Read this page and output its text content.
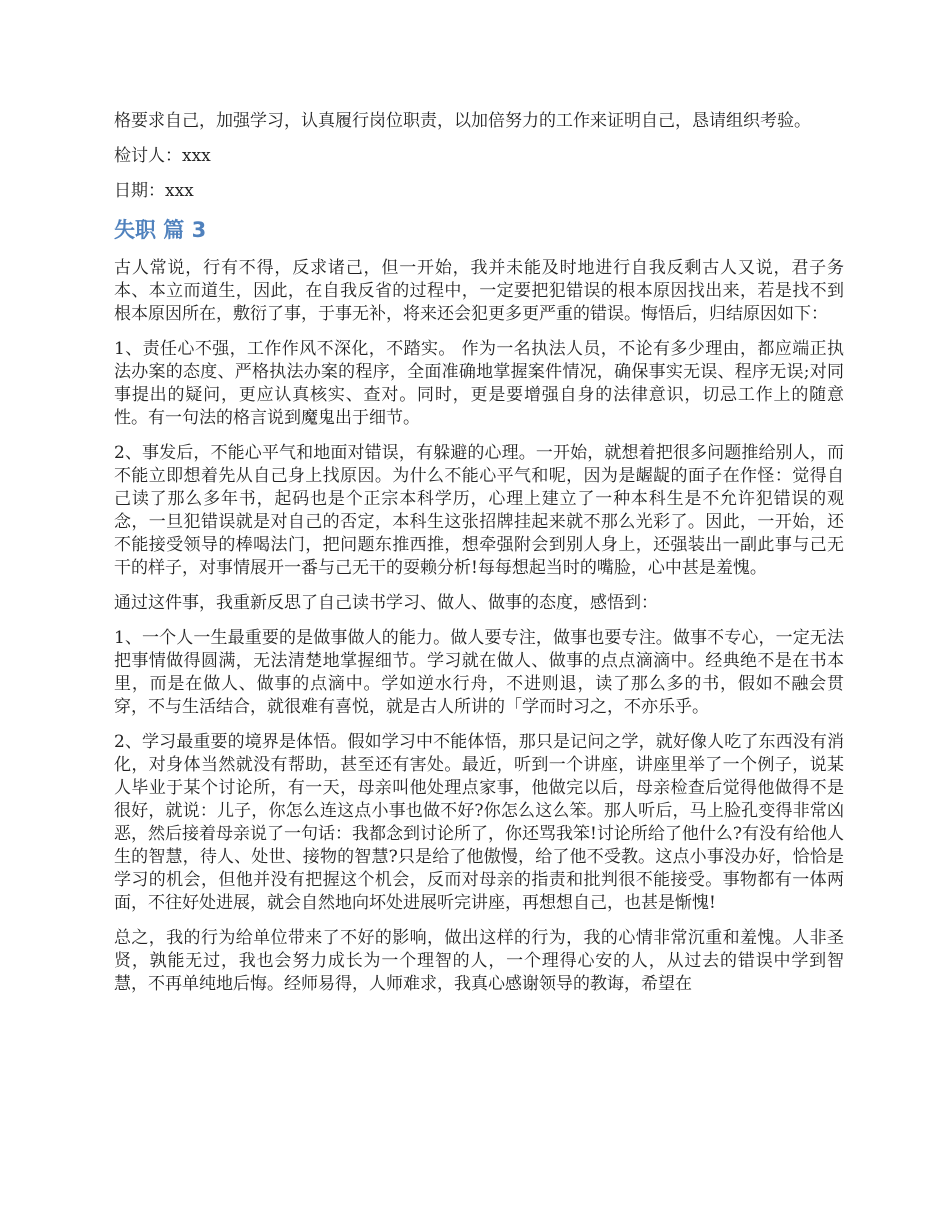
格要求自己，加强学习，认真履行岗位职责，以加倍努力的工作来证明自己，恳请组织考验。

检讨人：xxx

日期：xxx

失职 篇 3

古人常说，行有不得，反求诸己，但一开始，我并未能及时地进行自我反剩古人又说，君子务本、本立而道生，因此，在自我反省的过程中，一定要把犯错误的根本原因找出来，若是找不到根本原因所在，敷衍了事，于事无补，将来还会犯更多更严重的错误。悔悟后，归结原因如下：

1、责任心不强，工作作风不深化，不踏实。 作为一名执法人员，不论有多少理由，都应端正执法办案的态度、严格执法办案的程序，全面准确地掌握案件情况，确保事实无误、程序无误;对同事提出的疑问，更应认真核实、查对。同时，更是要增强自身的法律意识，切忌工作上的随意性。有一句法的格言说到魔鬼出于细节。

2、事发后，不能心平气和地面对错误，有躲避的心理。一开始，就想着把很多问题推给别人，而不能立即想着先从自己身上找原因。为什么不能心平气和呢，因为是龌龊的面子在作怪：觉得自己读了那么多年书，起码也是个正宗本科学历，心理上建立了一种本科生是不允许犯错误的观念，一旦犯错误就是对自己的否定，本科生这张招牌挂起来就不那么光彩了。因此，一开始，还不能接受领导的棒喝法门，把问题东推西推，想牵强附会到别人身上，还强装出一副此事与己无干的样子，对事情展开一番与己无干的耍赖分析!每每想起当时的嘴脸，心中甚是羞愧。

通过这件事，我重新反思了自己读书学习、做人、做事的态度，感悟到：

1、一个人一生最重要的是做事做人的能力。做人要专注，做事也要专注。做事不专心，一定无法把事情做得圆满，无法清楚地掌握细节。学习就在做人、做事的点点滴滴中。经典绝不是在书本里，而是在做人、做事的点滴中。学如逆水行舟，不进则退，读了那么多的书，假如不融会贯穿，不与生活结合，就很难有喜悦，就是古人所讲的「学而时习之，不亦乐乎。

2、学习最重要的境界是体悟。假如学习中不能体悟，那只是记问之学，就好像人吃了东西没有消化，对身体当然就没有帮助，甚至还有害处。最近，听到一个讲座，讲座里举了一个例子，说某人毕业于某个讨论所，有一天，母亲叫他处理点家事，他做完以后，母亲检查后觉得他做得不是很好，就说：儿子，你怎么连这点小事也做不好?你怎么这么笨。那人听后，马上脸孔变得非常凶恶，然后接着母亲说了一句话：我都念到讨论所了，你还骂我笨!讨论所给了他什么?有没有给他人生的智慧，待人、处世、接物的智慧?只是给了他傲慢，给了他不受教。这点小事没办好，恰恰是学习的机会，但他并没有把握这个机会，反而对母亲的指责和批判很不能接受。事物都有一体两面，不往好处进展，就会自然地向坏处进展听完讲座，再想想自己，也甚是惭愧!

总之，我的行为给单位带来了不好的影响，做出这样的行为，我的心情非常沉重和羞愧。人非圣贤，孰能无过，我也会努力成长为一个理智的人，一个理得心安的人，从过去的错误中学到智慧，不再单纯地后悔。经师易得，人师难求，我真心感谢领导的教诲，希望在
